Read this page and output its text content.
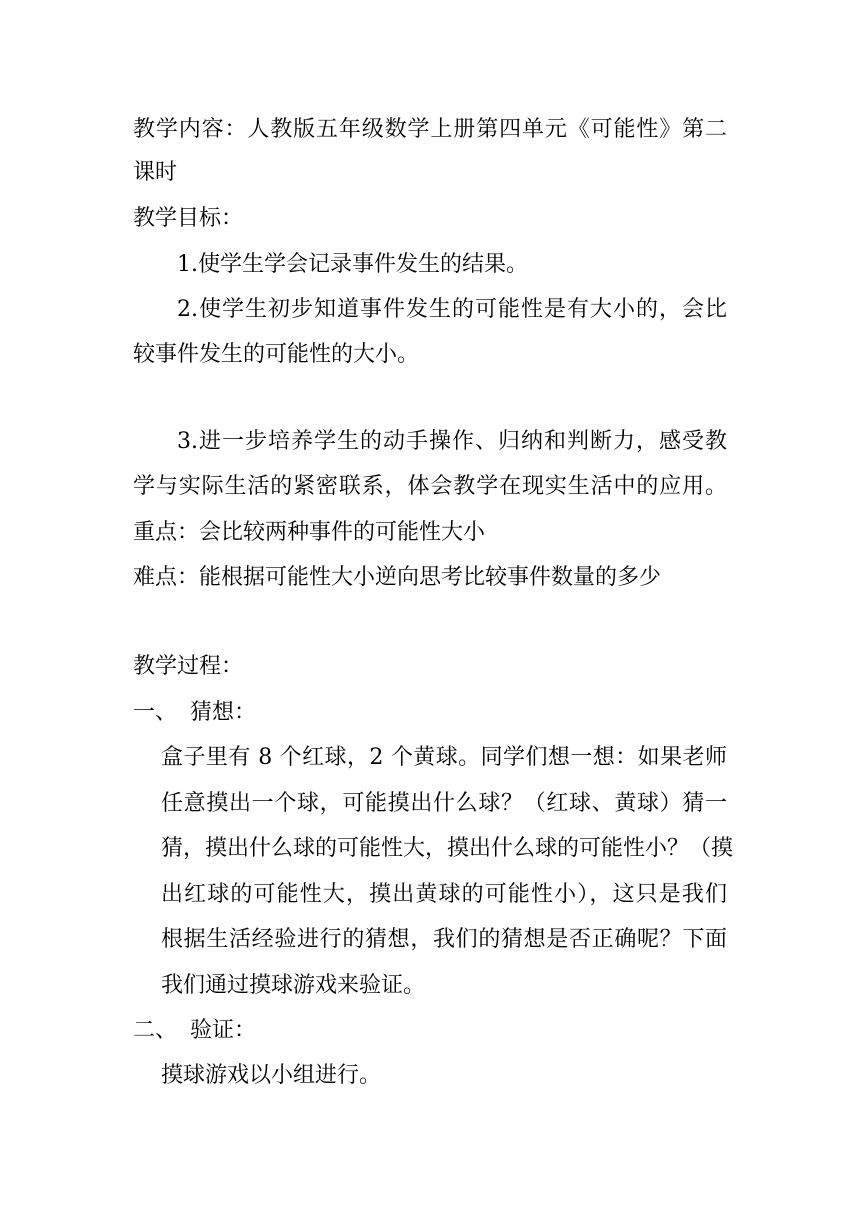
教学内容：人教版五年级数学上册第四单元《可能性》第二
课时
教学目标：
1.使学生学会记录事件发生的结果。
2.使学生初步知道事件发生的可能性是有大小的，会比
较事件发生的可能性的大小。
3.进一步培养学生的动手操作、归纳和判断力，感受教
学与实际生活的紧密联系，体会教学在现实生活中的应用。
重点：会比较两种事件的可能性大小
难点：能根据可能性大小逆向思考比较事件数量的多少
教学过程：
一、 猜想：
盒子里有 8 个红球，2 个黄球。同学们想一想：如果老师
任意摸出一个球，可能摸出什么球？（红球、黄球）猜一
猜，摸出什么球的可能性大，摸出什么球的可能性小？（摸
出红球的可能性大，摸出黄球的可能性小），这只是我们
根据生活经验进行的猜想，我们的猜想是否正确呢？下面
我们通过摸球游戏来验证。
二、 验证：
摸球游戏以小组进行。
